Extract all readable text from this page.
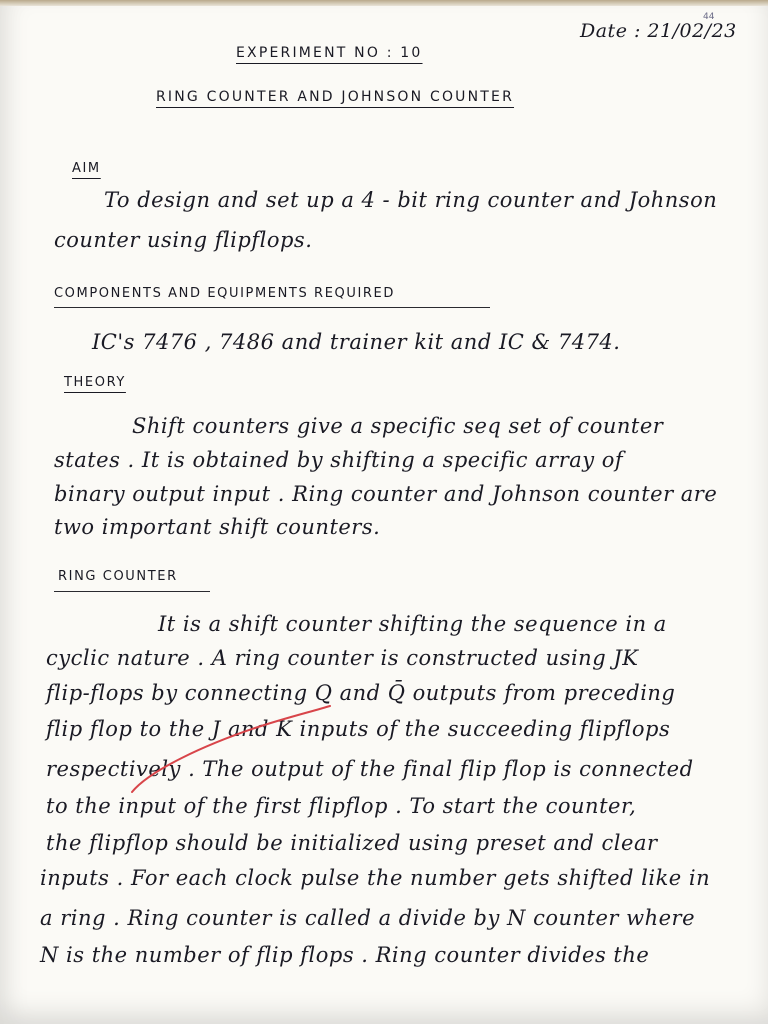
Date : 21/02/23
44
EXPERIMENT NO : 10
RING COUNTER AND JOHNSON COUNTER
AIM
To design and set up a 4 - bit ring counter and Johnson
counter using flipflops.
COMPONENTS AND EQUIPMENTS REQUIRED
IC's 7476 , 7486 and trainer kit and IC & 7474.
THEORY
Shift counters give a specific seq set of counter
states . It is obtained by shifting a specific array of
binary output input . Ring counter and Johnson counter are
two important shift counters.
RING COUNTER
It is a shift counter shifting the sequence in a
cyclic nature . A ring counter is constructed using JK
flip-flops by connecting Q and Q̄ outputs from preceding
flip flop to the J and K inputs of the succeeding flipflops
respectively . The output of the final flip flop is connected
to the input of the first flipflop . To start the counter,
the flipflop should be initialized using preset and clear
inputs . For each clock pulse the number gets shifted like in
a ring . Ring counter is called a divide by N counter where
N is the number of flip flops . Ring counter divides the
